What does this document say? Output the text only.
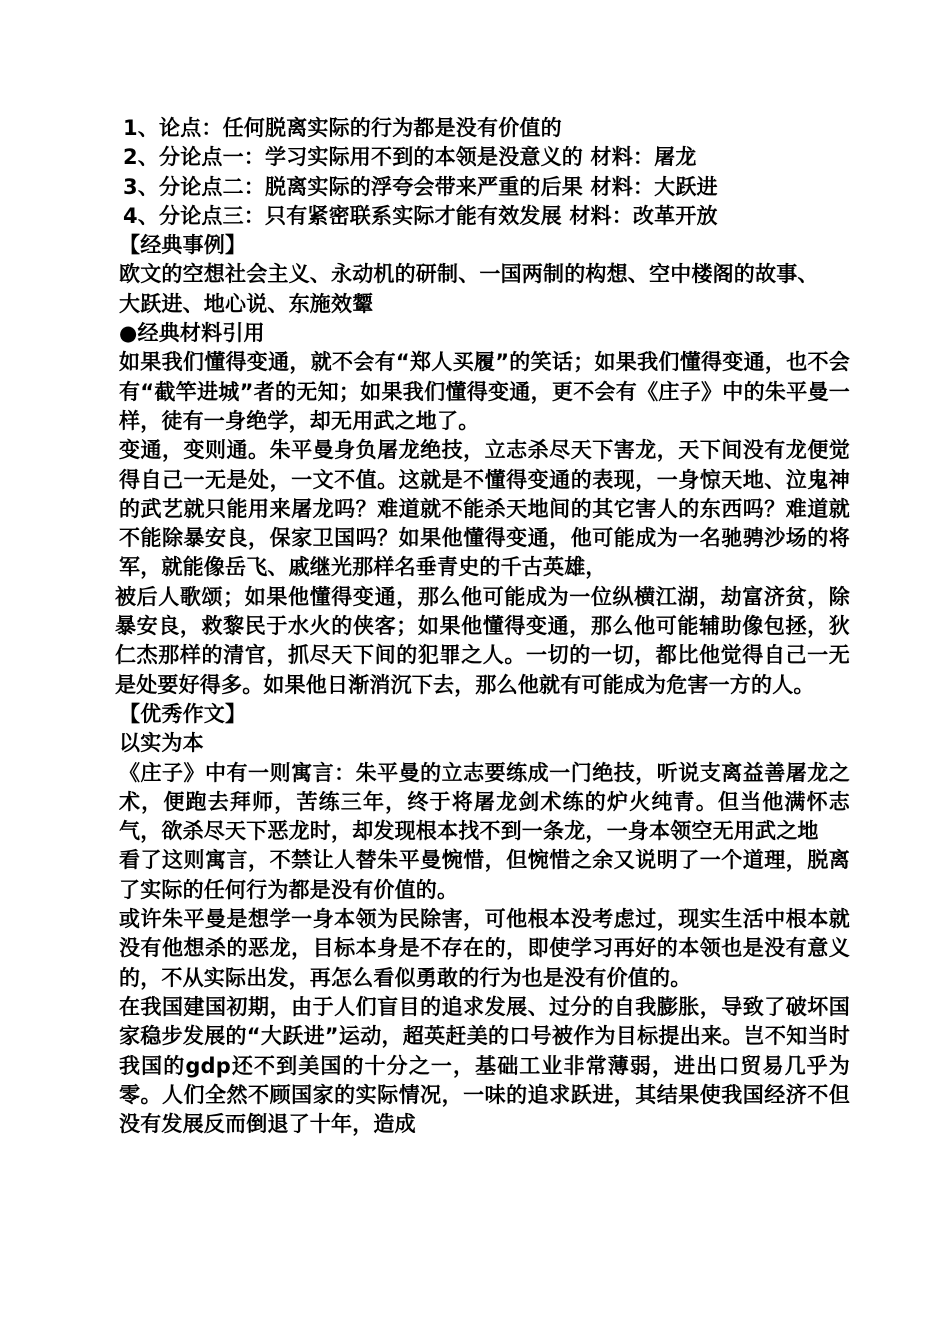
1、论点：任何脱离实际的行为都是没有价值的

2、分论点一：学习实际用不到的本领是没意义的 材料：屠龙

3、分论点二：脱离实际的浮夸会带来严重的后果 材料：大跃进

4、分论点三：只有紧密联系实际才能有效发展 材料：改革开放

【经典事例】

欧文的空想社会主义、永动机的研制、一国两制的构想、空中楼阁的故事、

大跃进、地心说、东施效颦

●经典材料引用

如果我们懂得变通，就不会有“郑人买履”的笑话；如果我们懂得变通，也不会有“截竿进城”者的无知；如果我们懂得变通，更不会有《庄子》中的朱平曼一样，徒有一身绝学，却无用武之地了。

变通，变则通。朱平曼身负屠龙绝技，立志杀尽天下害龙，天下间没有龙便觉得自己一无是处，一文不值。这就是不懂得变通的表现，一身惊天地、泣鬼神的武艺就只能用来屠龙吗？难道就不能杀天地间的其它害人的东西吗？难道就不能除暴安良，保家卫国吗？如果他懂得变通，他可能成为一名驰骋沙场的将军，就能像岳飞、戚继光那样名垂青史的千古英雄，

被后人歌颂；如果他懂得变通，那么他可能成为一位纵横江湖，劫富济贫，除暴安良，救黎民于水火的侠客；如果他懂得变通，那么他可能辅助像包拯，狄仁杰那样的清官，抓尽天下间的犯罪之人。一切的一切，都比他觉得自己一无是处要好得多。如果他日渐消沉下去，那么他就有可能成为危害一方的人。

【优秀作文】

以实为本

《庄子》中有一则寓言：朱平曼的立志要练成一门绝技，听说支离益善屠龙之术，便跑去拜师，苦练三年，终于将屠龙剑术练的炉火纯青。但当他满怀志气，欲杀尽天下恶龙时，却发现根本找不到一条龙，一身本领空无用武之地

看了这则寓言，不禁让人替朱平曼惋惜，但惋惜之余又说明了一个道理，脱离了实际的任何行为都是没有价值的。

或许朱平曼是想学一身本领为民除害，可他根本没考虑过，现实生活中根本就没有他想杀的恶龙，目标本身是不存在的，即使学习再好的本领也是没有意义的，不从实际出发，再怎么看似勇敢的行为也是没有价值的。

在我国建国初期，由于人们盲目的追求发展、过分的自我膨胀，导致了破坏国家稳步发展的“大跃进”运动，超英赶美的口号被作为目标提出来。岂不知当时我国的gdp还不到美国的十分之一，基础工业非常薄弱，进出口贸易几乎为零。人们全然不顾国家的实际情况，一味的追求跃进，其结果使我国经济不但没有发展反而倒退了十年，造成
